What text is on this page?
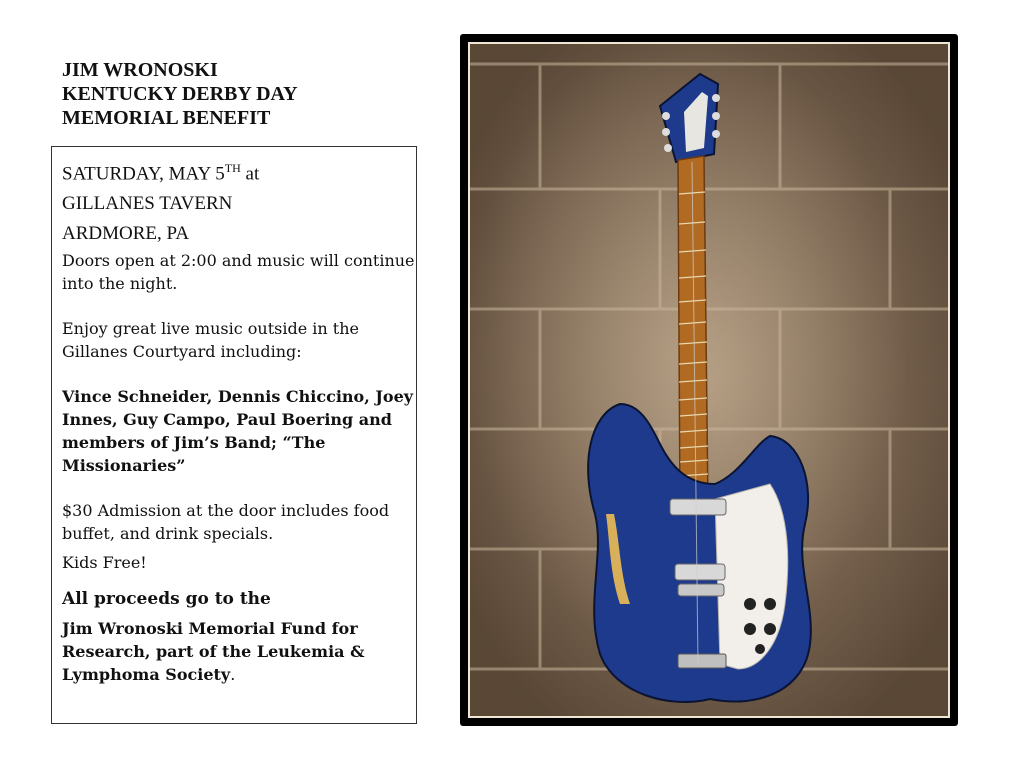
JIM WRONOSKI
KENTUCKY DERBY DAY
MEMORIAL BENEFIT
SATURDAY, MAY 5TH at
GILLANES TAVERN
ARDMORE, PA
Doors open at 2:00 and music will continue into the night.
Enjoy great live music outside in the Gillanes Courtyard including:
Vince Schneider, Dennis Chiccino, Joey Innes, Guy Campo, Paul Boering and members of Jim’s Band; “The Missionaries”
$30 Admission at the door includes food buffet, and drink specials.
Kids Free!
All proceeds go to the
Jim Wronoski Memorial Fund for Research, part of the Leukemia & Lymphoma Society.
